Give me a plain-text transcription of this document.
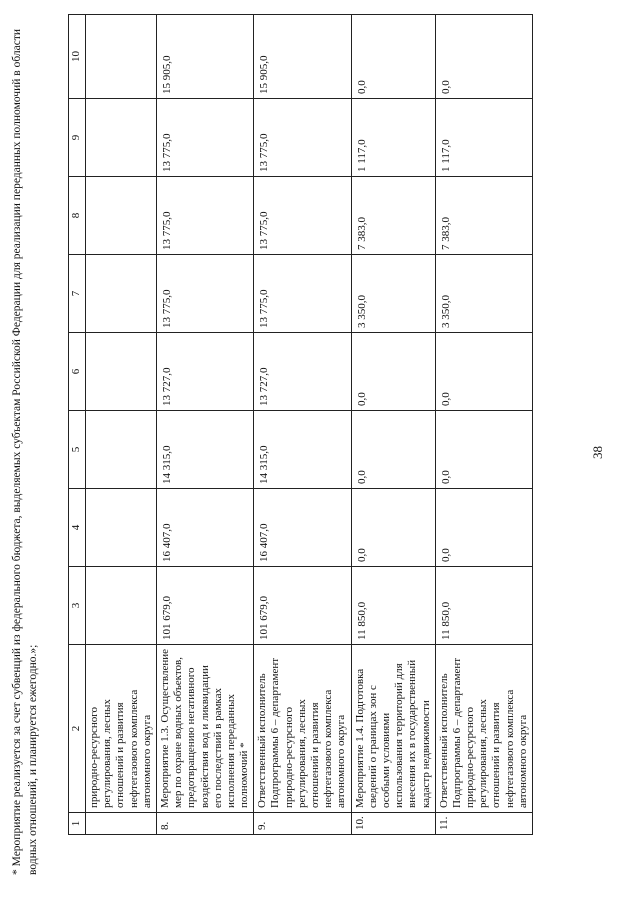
* Мероприятие реализуется за счет субвенций из федерального бюджета, выделяемых субъектам Российской Федерации для реализации переданных полномочий в области водных отношений, и планируется ежегодно.»;	1	2	3	4	5	6	7	8	9	10
	природно-ресурсного регулирования, лесных отношений и развития нефтегазового комплекса автономного округа								
8.	Мероприятие 1.3. Осуществление мер по охране водных объектов, предотвращению негативного воздействия вод и ликвидации его последствий в рамках исполнения переданных полномочий *	101 679,0	16 407,0	14 315,0	13 727,0	13 775,0	13 775,0	13 775,0	15 905,0
9.	Ответственный исполнитель Подпрограммы 6 – департамент природно-ресурсного регулирования, лесных отношений и развития нефтегазового комплекса автономного округа	101 679,0	16 407,0	14 315,0	13 727,0	13 775,0	13 775,0	13 775,0	15 905,0
10.	Мероприятие 1.4. Подготовка сведений о границах зон с особыми условиями использования территорий для внесения их в государственный кадастр недвижимости	11 850,0	0,0	0,0	0,0	3 350,0	7 383,0	1 117,0	0,0
11.	Ответственный исполнитель Подпрограммы 6 – департамент природно-ресурсного регулирования, лесных отношений и развития нефтегазового комплекса автономного округа	11 850,0	0,0	0,0	0,0	3 350,0	7 383,0	1 117,0	0,0
38
